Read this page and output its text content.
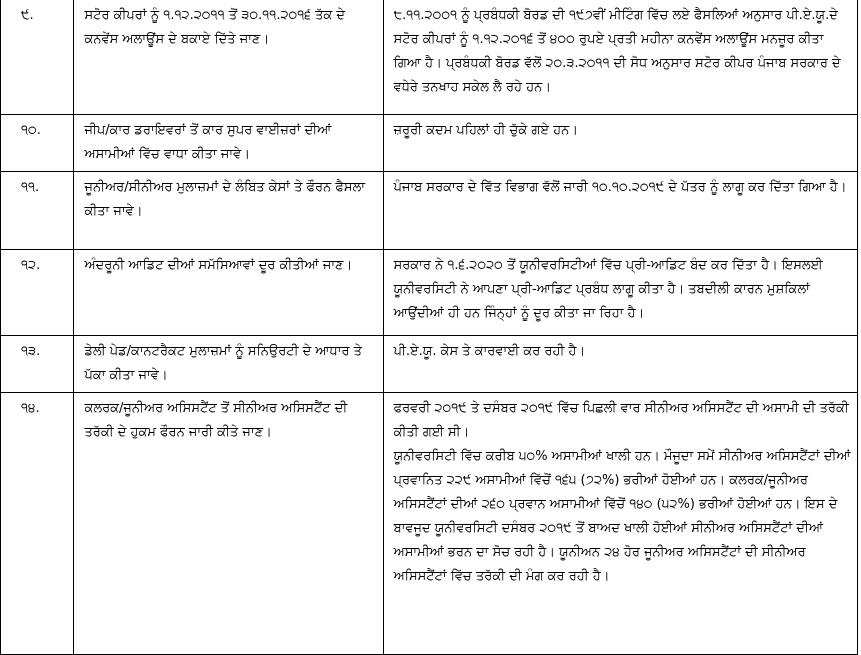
੯.	ਸਟੋਰ ਕੀਪਰਾਂ ਨੂੰ ੧.੧੨.੨੦੧੧ ਤੋਂ ੩੦.੧੧.੨੦੧੬ ਤੱਕ ਦੇ ਕਨਵੇਂਸ ਅਲਾਊਂਸ ਦੇ ਬਕਾਏ ਦਿੱਤੇ ਜਾਣ।	੮.੧੧.੨੦੦੧ ਨੂੰ ਪ੍ਰਬੰਧਕੀ ਬੋਰਡ ਦੀ ੧੯੭ਵੀਂ ਮੀਟਿੰਗ ਵਿੱਚ ਲਏ ਫੈਸਲਿਆਂ ਅਨੁਸਾਰ ਪੀ.ਏ.ਯੂ.ਦੇ ਸਟੋਰ ਕੀਪਰਾਂ ਨੂੰ ੧.੧੨.੨੦੧੬ ਤੋਂ ੪੦੦ ਰੁਪਏ ਪ੍ਰਤੀ ਮਹੀਨਾ ਕਨਵੇਂਸ ਅਲਾਊਂਸ ਮਨਜ਼ੂਰ ਕੀਤਾ ਗਿਆ ਹੈ। ਪ੍ਰਬੰਧਕੀ ਬੋਰਡ ਵੱਲੋਂ ੨੦.੩.੨੦੧੧ ਦੀ ਸੋਧ ਅਨੁਸਾਰ ਸਟੋਰ ਕੀਪਰ ਪੰਜਾਬ ਸਰਕਾਰ ਦੇ ਵਧੇਰੇ ਤਨਖਾਹ ਸਕੇਲ ਲੈ ਰਹੇ ਹਨ।

੧੦.	ਜੀਪ/ਕਾਰ ਡਰਾਇਵਰਾਂ ਤੋਂ ਕਾਰ ਸੁਪਰ ਵਾਈਜ਼ਰਾਂ ਦੀਆਂ ਅਸਾਮੀਆਂ ਵਿੱਚ ਵਾਧਾ ਕੀਤਾ ਜਾਵੇ।	ਜ਼ਰੂਰੀ ਕਦਮ ਪਹਿਲਾਂ ਹੀ ਚੁੱਕੇ ਗਏ ਹਨ।

੧੧.	ਜੂਨੀਅਰ/ਸੀਨੀਅਰ ਮੁਲਾਜ਼ਮਾਂ ਦੇ ਲੰਬਿਤ ਕੇਸਾਂ ਤੇ ਫੌਰਨ ਫੈਸਲਾ ਕੀਤਾ ਜਾਵੇ।	ਪੰਜਾਬ ਸਰਕਾਰ ਦੇ ਵਿੱਤ ਵਿਭਾਗ ਵੱਲੋਂ ਜਾਰੀ ੧੦.੧੦.੨੦੧੯ ਦੇ ਪੱਤਰ ਨੂੰ ਲਾਗੂ ਕਰ ਦਿੱਤਾ ਗਿਆ ਹੈ।

੧੨.	ਅੰਦਰੂਨੀ ਆਡਿਟ ਦੀਆਂ ਸਮੱਸਿਆਵਾਂ ਦੂਰ ਕੀਤੀਆਂ ਜਾਣ।	ਸਰਕਾਰ ਨੇ ੧.੬.੨੦੨੦ ਤੋਂ ਯੂਨੀਵਰਸਿਟੀਆਂ ਵਿੱਚ ਪ੍ਰੀ-ਆਡਿਟ ਬੰਦ ਕਰ ਦਿੱਤਾ ਹੈ। ਇਸਲਈ ਯੂਨੀਵਰਸਿਟੀ ਨੇ ਆਪਣਾ ਪ੍ਰੀ-ਆਡਿਟ ਪ੍ਰਬੰਧ ਲਾਗੂ ਕੀਤਾ ਹੈ। ਤਬਦੀਲੀ ਕਾਰਨ ਮੁਸ਼ਕਿਲਾਂ ਆਉਂਦੀਆਂ ਹੀ ਹਨ ਜਿੰਨ੍ਹਾਂ ਨੂੰ ਦੂਰ ਕੀਤਾ ਜਾ ਰਿਹਾ ਹੈ।

੧੩.	ਡੇਲੀ ਪੇਡ/ਕਾਨਟਰੈਕਟ ਮੁਲਾਜ਼ਮਾਂ ਨੂੰ ਸਨਿਉਰਟੀ ਦੇ ਆਧਾਰ ਤੇ ਪੱਕਾ ਕੀਤਾ ਜਾਵੇ।	ਪੀ.ਏ.ਯੂ. ਕੇਸ ਤੇ ਕਾਰਵਾਈ ਕਰ ਰਹੀ ਹੈ।

੧੪.	ਕਲਰਕ/ਜੂਨੀਅਰ ਅਸਿਸਟੈਂਟ ਤੋਂ ਸੀਨੀਅਰ ਅਸਿਸਟੈਂਟ ਦੀ ਤਰੱਕੀ ਦੇ ਹੁਕਮ ਫੌਰਨ ਜਾਰੀ ਕੀਤੇ ਜਾਣ।	ਫਰਵਰੀ ੨੦੧੯ ਤੇ ਦਸੰਬਰ ੨੦੧੯ ਵਿੱਚ ਪਿਛਲੀ ਵਾਰ ਸੀਨੀਅਰ ਅਸਿਸਟੈਂਟ ਦੀ ਅਸਾਮੀ ਦੀ ਤਰੱਕੀ ਕੀਤੀ ਗਈ ਸੀ।

ਯੂਨੀਵਰਸਿਟੀ ਵਿੱਚ ਕਰੀਬ ੫੦% ਅਸਾਮੀਆਂ ਖਾਲੀ ਹਨ। ਮੌਜੂਦਾ ਸਮੇਂ ਸੀਨੀਅਰ ਅਸਿਸਟੈਂਟਾਂ ਦੀਆਂ ਪ੍ਰਵਾਨਿਤ ੨੨੯ ਅਸਾਮੀਆਂ ਵਿੱਚੋਂ ੧੬੫ (੭੨%) ਭਰੀਆਂ ਹੋਈਆਂ ਹਨ। ਕਲਰਕ/ਜੂਨੀਅਰ ਅਸਿਸਟੈਂਟਾਂ ਦੀਆਂ ੨੬੦ ਪ੍ਰਵਾਨ ਅਸਾਮੀਆਂ ਵਿੱਚੋਂ ੧੪੦ (੫੨%) ਭਰੀਆਂ ਹੋਈਆਂ ਹਨ। ਇਸ ਦੇ ਬਾਵਜੂਦ ਯੂਨੀਵਰਸਿਟੀ ਦਸੰਬਰ ੨੦੧੯ ਤੋਂ ਬਾਅਦ ਖਾਲੀ ਹੋਈਆਂ ਸੀਨੀਅਰ ਅਸਿਸਟੈਂਟਾਂ ਦੀਆਂ ਅਸਾਮੀਆਂ ਭਰਨ ਦਾ ਸੋਚ ਰਹੀ ਹੈ। ਯੂਨੀਅਨ ੨੪ ਹੋਰ ਜੂਨੀਅਰ ਅਸਿਸਟੈਂਟਾਂ ਦੀ ਸੀਨੀਅਰ ਅਸਿਸਟੈਂਟਾਂ ਵਿੱਚ ਤਰੱਕੀ ਦੀ ਮੰਗ ਕਰ ਰਹੀ ਹੈ।
